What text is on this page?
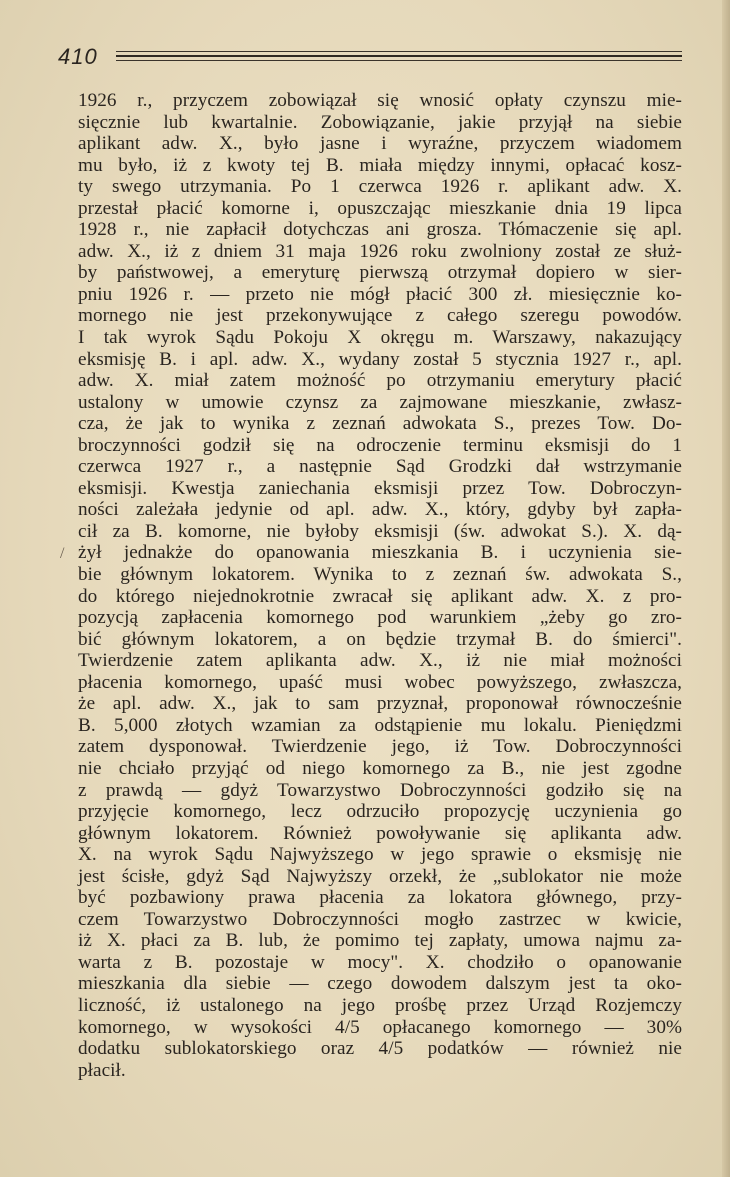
410
/
1926 r., przyczem zobowiązał się wnosić opłaty czynszu mie-
sięcznie lub kwartalnie. Zobowiązanie, jakie przyjął na siebie
aplikant adw. X., było jasne i wyraźne, przyczem wiadomem
mu było, iż z kwoty tej B. miała między innymi, opłacać kosz-
ty swego utrzymania. Po 1 czerwca 1926 r. aplikant adw. X.
przestał płacić komorne i, opuszczając mieszkanie dnia 19 lipca
1928 r., nie zapłacił dotychczas ani grosza. Tłómaczenie się apl.
adw. X., iż z dniem 31 maja 1926 roku zwolniony został ze służ-
by państwowej, a emeryturę pierwszą otrzymał dopiero w sier-
pniu 1926 r. — przeto nie mógł płacić 300 zł. miesięcznie ko-
mornego nie jest przekonywujące z całego szeregu powodów.
I tak wyrok Sądu Pokoju X okręgu m. Warszawy, nakazujący
eksmisję B. i apl. adw. X., wydany został 5 stycznia 1927 r., apl.
adw. X. miał zatem możność po otrzymaniu emerytury płacić
ustalony w umowie czynsz za zajmowane mieszkanie, zwłasz-
cza, że jak to wynika z zeznań adwokata S., prezes Tow. Do-
broczynności godził się na odroczenie terminu eksmisji do 1
czerwca 1927 r., a następnie Sąd Grodzki dał wstrzymanie
eksmisji. Kwestja zaniechania eksmisji przez Tow. Dobroczyn-
ności zależała jedynie od apl. adw. X., który, gdyby był zapła-
cił za B. komorne, nie byłoby eksmisji (św. adwokat S.). X. dą-
żył jednakże do opanowania mieszkania B. i uczynienia sie-
bie głównym lokatorem. Wynika to z zeznań św. adwokata S.,
do którego niejednokrotnie zwracał się aplikant adw. X. z pro-
pozycją zapłacenia komornego pod warunkiem „żeby go zro-
bić głównym lokatorem, a on będzie trzymał B. do śmierci".
Twierdzenie zatem aplikanta adw. X., iż nie miał możności
płacenia komornego, upaść musi wobec powyższego, zwłaszcza,
że apl. adw. X., jak to sam przyznał, proponował równocześnie
B. 5,000 złotych wzamian za odstąpienie mu lokalu. Pieniędzmi
zatem dysponował. Twierdzenie jego, iż Tow. Dobroczynności
nie chciało przyjąć od niego komornego za B., nie jest zgodne
z prawdą — gdyż Towarzystwo Dobroczynności godziło się na
przyjęcie komornego, lecz odrzuciło propozycję uczynienia go
głównym lokatorem. Również powoływanie się aplikanta adw.
X. na wyrok Sądu Najwyższego w jego sprawie o eksmisję nie
jest ścisłe, gdyż Sąd Najwyższy orzekł, że „sublokator nie może
być pozbawiony prawa płacenia za lokatora głównego, przy-
czem Towarzystwo Dobroczynności mogło zastrzec w kwicie,
iż X. płaci za B. lub, że pomimo tej zapłaty, umowa najmu za-
warta z B. pozostaje w mocy". X. chodziło o opanowanie
mieszkania dla siebie — czego dowodem dalszym jest ta oko-
liczność, iż ustalonego na jego prośbę przez Urząd Rozjemczy
komornego, w wysokości 4/5 opłacanego komornego — 30%
dodatku sublokatorskiego oraz 4/5 podatków — również nie
płacił.
